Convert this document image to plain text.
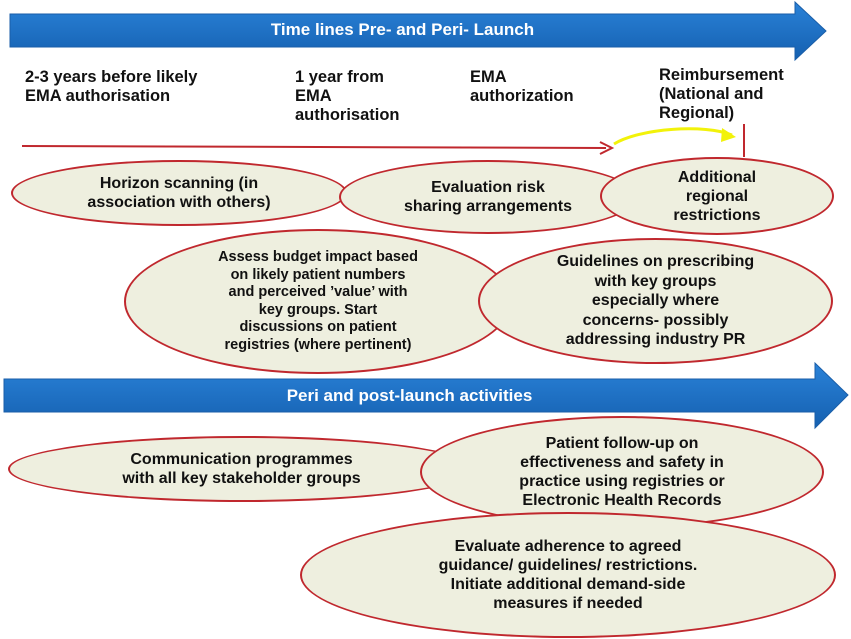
Time lines Pre- and Peri- Launch
Peri and post-launch activities
2-3 years before likely
EMA authorisation
1 year from
EMA
authorisation
EMA
authorization
Reimbursement
(National and
Regional)
Horizon scanning (in
association with others)
Evaluation risk
sharing arrangements
Additional
regional
restrictions
Assess budget impact based
on likely patient numbers
and perceived ’value’ with
key groups. Start
discussions on patient
registries (where pertinent)
Guidelines on prescribing
with key groups
especially where
concerns- possibly
addressing industry PR
Communication programmes
with all key stakeholder groups
Patient follow-up on
effectiveness and safety in
practice using registries or
Electronic Health Records
Evaluate adherence to agreed
guidance/ guidelines/ restrictions.
Initiate additional demand-side
measures if needed
